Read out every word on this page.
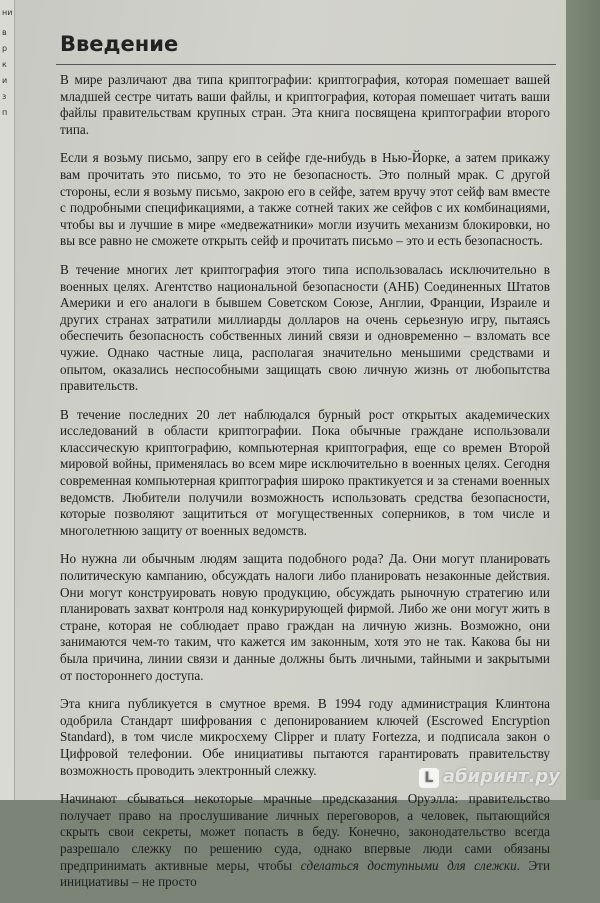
ни
в
р
к
и
з
п
Введение

В мире различают два типа криптографии: криптография, которая помешает вашей младшей сестре читать ваши файлы, и криптография, которая помешает читать ваши файлы правительствам крупных стран. Эта книга посвящена криптографии второго типа.

Если я возьму письмо, запру его в сейфе где-нибудь в Нью-Йорке, а затем прикажу вам прочитать это письмо, то это не безопасность. Это полный мрак. С другой стороны, если я возьму письмо, закрою его в сейфе, затем вручу этот сейф вам вместе с подробными спецификациями, а также сотней таких же сейфов с их комбинациями, чтобы вы и лучшие в мире «медвежатники» могли изучить механизм блокировки, но вы все равно не сможете открыть сейф и прочитать письмо – это и есть безопасность.

В течение многих лет криптография этого типа использовалась исключительно в военных целях. Агентство национальной безопасности (АНБ) Соединенных Штатов Америки и его аналоги в бывшем Советском Союзе, Англии, Франции, Израиле и других странах затратили миллиарды долларов на очень серьезную игру, пытаясь обеспечить безопасность собственных линий связи и одновременно – взломать все чужие. Однако частные лица, располагая значительно меньшими средствами и опытом, оказались неспособными защищать свою личную жизнь от любопытства правительств.

В течение последних 20 лет наблюдался бурный рост открытых академических исследований в области криптографии. Пока обычные граждане использовали классическую криптографию, компьютерная криптография, еще со времен Второй мировой войны, применялась во всем мире исключительно в военных целях. Сегодня современная компьютерная криптография широко практикуется и за стенами военных ведомств. Любители получили возможность использовать средства безопасности, которые позволяют защититься от могущественных соперников, в том числе и многолетнюю защиту от военных ведомств.

Но нужна ли обычным людям защита подобного рода? Да. Они могут планировать политическую кампанию, обсуждать налоги либо планировать незаконные действия. Они могут конструировать новую продукцию, обсуждать рыночную стратегию или планировать захват контроля над конкурирующей фирмой. Либо же они могут жить в стране, которая не соблюдает право граждан на личную жизнь. Возможно, они занимаются чем-то таким, что кажется им законным, хотя это не так. Какова бы ни была причина, линии связи и данные должны быть личными, тайными и закрытыми от постороннего доступа.

Эта книга публикуется в смутное время. В 1994 году администрация Клинтона одобрила Стандарт шифрования с депонированием ключей (Escrowed Encryption Standard), в том числе микросхему Clipper и плату Fortezza, и подписала закон о Цифровой телефонии. Обе инициативы пытаются гарантировать правительству возможность проводить электронный слежку.

Начинают сбываться некоторые мрачные предсказания Оруэлла: правительство получает право на прослушивание личных переговоров, а человек, пытающийся скрыть свои секреты, может попасть в беду. Конечно, законодательство всегда разрешало слежку по решению суда, однако впервые люди сами обязаны предпринимать активные меры, чтобы сделаться доступными для слежки. Эти инициативы – не просто

L абиринт.ру
